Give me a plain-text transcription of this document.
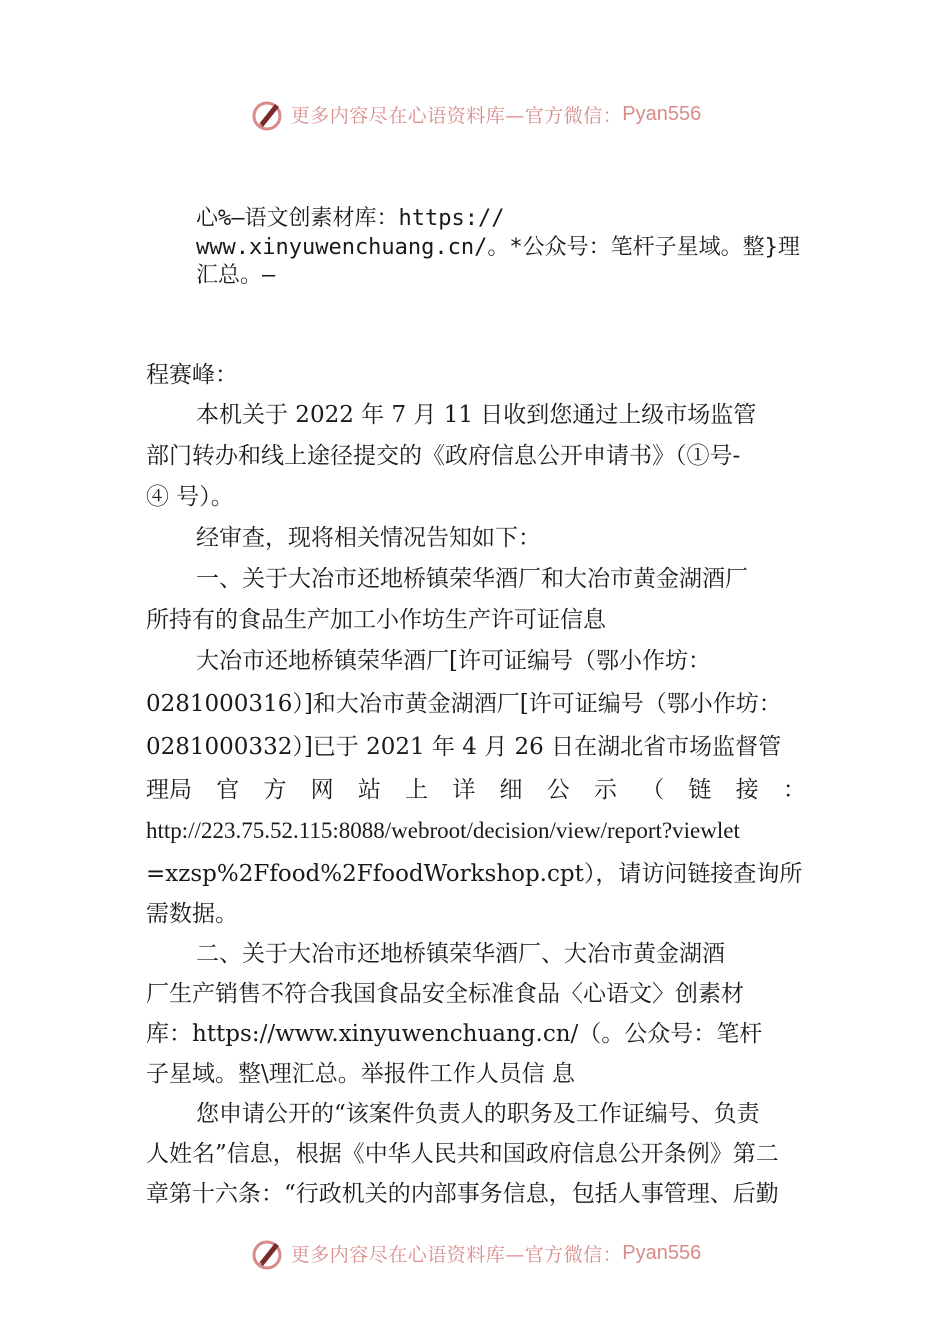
更多内容尽在心语资料库—官方微信： Pyan556
心%—语文创素材库：https://
www.xinyuwenchuang.cn/。*公众号：笔杆子星域。整}理
汇总。—
程赛峰：
本机关于 2022 年 7 月 11 日收到您通过上级市场监管
部门转办和线上途径提交的《政府信息公开申请书》（①号-
④ 号）。
经审查，现将相关情况告知如下：
一、关于大冶市还地桥镇荣华酒厂和大冶市黄金湖酒厂
所持有的食品生产加工小作坊生产许可证信息
大冶市还地桥镇荣华酒厂[许可证编号（鄂小作坊：
0281000316）]和大冶市黄金湖酒厂[许可证编号（鄂小作坊：
0281000332）]已于 2021 年 4 月 26 日在湖北省市场监督管
理局 官 方 网 站 上 详 细 公 示 （ 链 接 ：
http://223.75.52.115:8088/webroot/decision/view/report?viewlet
=xzsp%2Ffood%2FfoodWorkshop.cpt），请访问链接查询所
需数据。
二、关于大冶市还地桥镇荣华酒厂、大冶市黄金湖酒
厂生产销售不符合我国食品安全标准食品〈心语文〉创素材
库：https://www.xinyuwenchuang.cn/（。公众号：笔杆
子星域。整\理汇总。举报件工作人员信 息
您申请公开的“该案件负责人的职务及工作证编号、负责
人姓名”信息，根据《中华人民共和国政府信息公开条例》第二
章第十六条：“行政机关的内部事务信息，包括人事管理、后勤
更多内容尽在心语资料库—官方微信： Pyan556
